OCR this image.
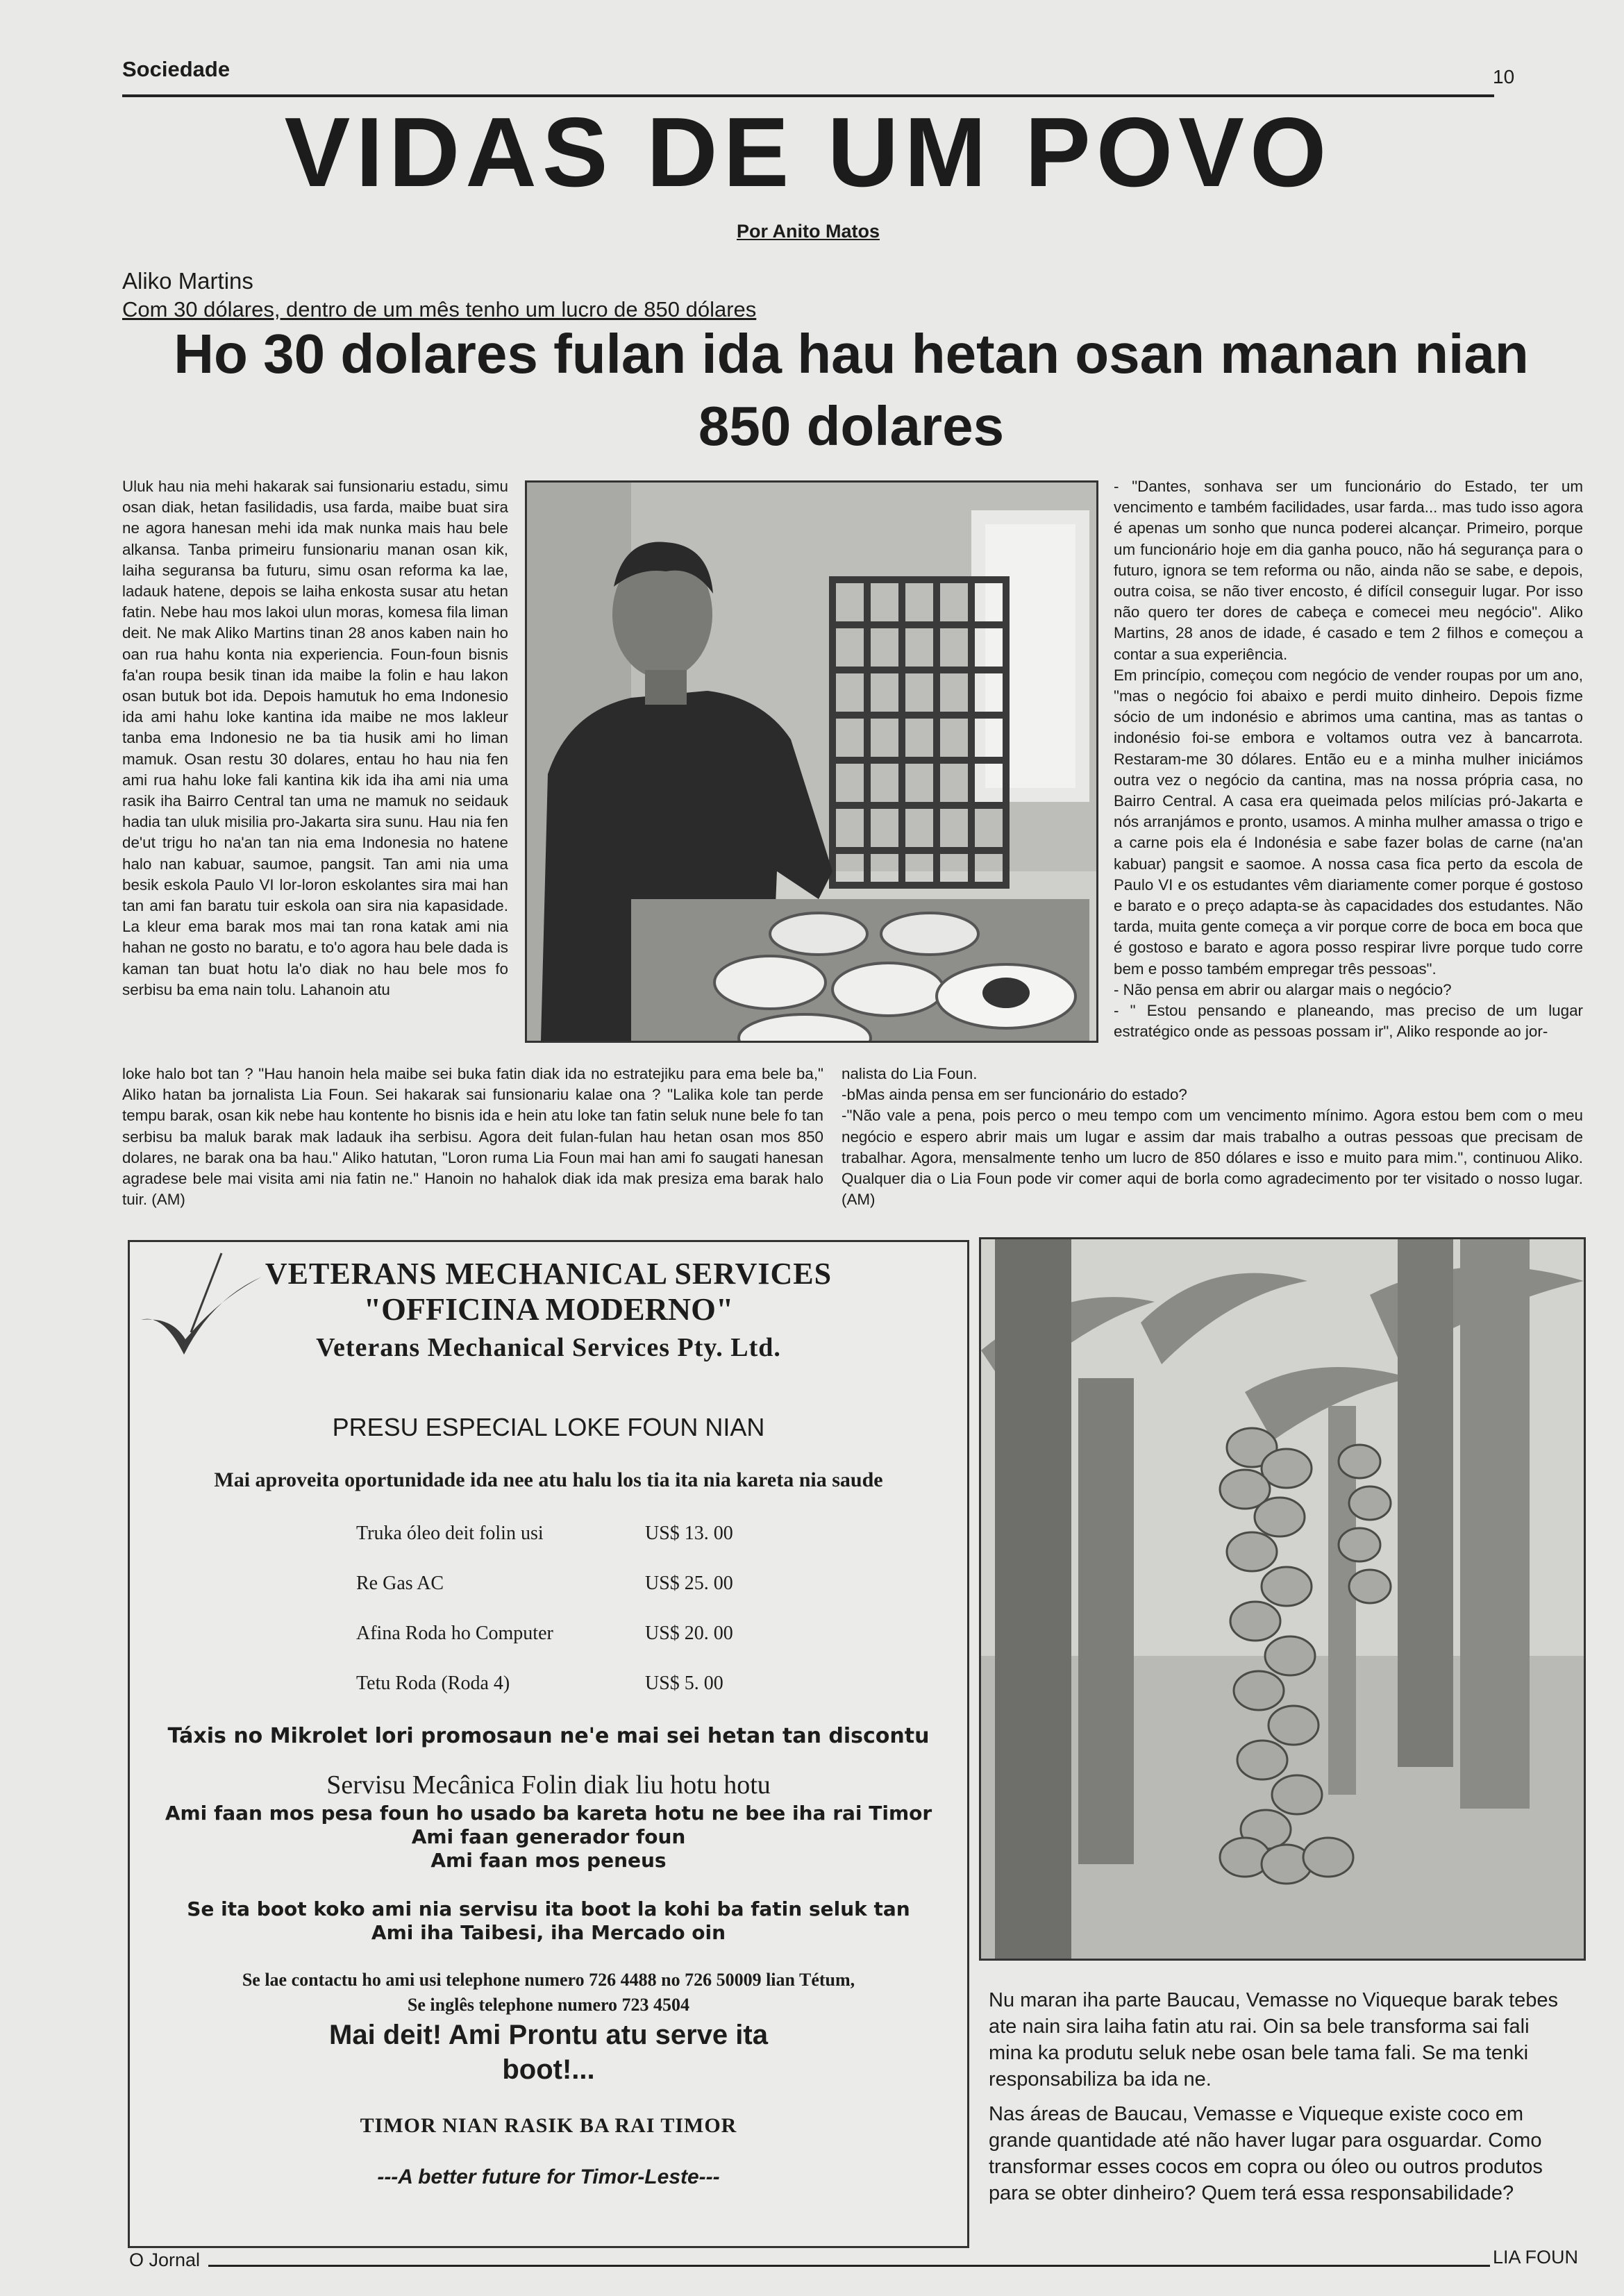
Sociedade	10
VIDAS DE UM POVO
Por Anito Matos
Aliko Martins
Com 30 dólares, dentro de um mês tenho um lucro de 850 dólares
Ho 30 dolares fulan ida hau hetan osan manan nian 850 dolares
Uluk hau nia mehi hakarak sai funsionariu estadu, simu osan diak, hetan fasilidadis, usa farda, maibe buat sira ne agora hanesan mehi ida mak nunka mais hau bele alkansa. Tanba primeiru funsionariu manan osan kik, laiha seguransa ba futuru, simu osan reforma ka lae, ladauk hatene, depois se laiha enkosta susar atu hetan fatin. Nebe hau mos lakoi ulun moras, komesa fila liman deit. Ne mak Aliko Martins tinan 28 anos kaben nain ho oan rua hahu konta nia experiencia. Foun-foun bisnis fa'an roupa besik tinan ida maibe la folin e hau lakon osan butuk bot ida. Depois hamutuk ho ema Indonesio ida ami hahu loke kantina ida maibe ne mos lakleur tanba ema Indonesio ne ba tia husik ami ho liman mamuk. Osan restu 30 dolares, entau ho hau nia fen ami rua hahu loke fali kantina kik ida iha ami nia uma rasik iha Bairro Central tan uma ne mamuk no seidauk hadia tan uluk misilia pro-Jakarta sira sunu. Hau nia fen de'ut trigu ho na'an tan nia ema Indonesia no hatene halo nan kabuar, saumoe, pangsit. Tan ami nia uma besik eskola Paulo VI lor-loron eskolantes sira mai han tan ami fan baratu tuir eskola oan sira nia kapasidade. La kleur ema barak mos mai tan rona katak ami nia hahan ne gosto no baratu, e to'o agora hau bele dada is kaman tan buat hotu la'o diak no hau bele mos fo serbisu ba ema nain tolu. Lahanoin atu
loke halo bot tan ? "Hau hanoin hela maibe sei buka fatin diak ida no estratejiku para ema bele ba," Aliko hatan ba jornalista Lia Foun. Sei hakarak sai funsionariu kalae ona ? "Lalika kole tan perde tempu barak, osan kik nebe hau kontente ho bisnis ida e hein atu loke tan fatin seluk nune bele fo tan serbisu ba maluk barak mak ladauk iha serbisu. Agora deit fulan-fulan hau hetan osan mos 850 dolares, ne barak ona ba hau." Aliko hatutan, "Loron ruma Lia Foun mai han ami fo saugati hanesan agradese bele mai visita ami nia fatin ne." Hanoin no hahalok diak ida mak presiza ema barak halo tuir. (AM)
- "Dantes, sonhava ser um funcionário do Estado, ter um vencimento e também facilidades, usar farda... mas tudo isso agora é apenas um sonho que nunca poderei alcançar. Primeiro, porque um funcionário hoje em dia ganha pouco, não há segurança para o futuro, ignora se tem reforma ou não, ainda não se sabe, e depois, outra coisa, se não tiver encosto, é difícil conseguir lugar. Por isso não quero ter dores de cabeça e comecei meu negócio". Aliko Martins, 28 anos de idade, é casado e tem 2 filhos e começou a contar a sua experiência.
Em princípio, começou com negócio de vender roupas por um ano, "mas o negócio foi abaixo e perdi muito dinheiro. Depois fizme sócio de um indonésio e abrimos uma cantina, mas as tantas o indonésio foi-se embora e voltamos outra vez à bancarrota. Restaram-me 30 dólares. Então eu e a minha mulher iniciámos outra vez o negócio da cantina, mas na nossa própria casa, no Bairro Central. A casa era queimada pelos milícias pró-Jakarta e nós arranjámos e pronto, usamos. A minha mulher amassa o trigo e a carne pois ela é Indonésia e sabe fazer bolas de carne (na'an kabuar) pangsit e saomoe. A nossa casa fica perto da escola de Paulo VI e os estudantes vêm diariamente comer porque é gostoso e barato e o preço adapta-se às capacidades dos estudantes. Não tarda, muita gente começa a vir porque corre de boca em boca que é gostoso e barato e agora posso respirar livre porque tudo corre bem e posso também empregar três pessoas".
- Não pensa em abrir ou alargar mais o negócio?
- " Estou pensando e planeando, mas preciso de um lugar estratégico onde as pessoas possam ir", Aliko responde ao jor-
nalista do Lia Foun.
-bMas ainda pensa em ser funcionário do estado?
-"Não vale a pena, pois perco o meu tempo com um vencimento mínimo. Agora estou bem com o meu negócio e espero abrir mais um lugar e assim dar mais trabalho a outras pessoas que precisam de trabalhar. Agora, mensalmente tenho um lucro de 850 dólares e isso e muito para mim.", continuou Aliko. Qualquer dia o Lia Foun pode vir comer aqui de borla como agradecimento por ter visitado o nosso lugar. (AM)
VETERANS MECHANICAL SERVICES
"OFFICINA MODERNO"
Veterans Mechanical Services Pty. Ltd.
PRESU ESPECIAL LOKE FOUN NIAN
Mai aproveita oportunidade ida nee atu halu los tia ita nia kareta nia saude
Truka óleo deit folin usi	US$ 13. 00
Re Gas AC	US$ 25. 00
Afina Roda ho Computer	US$ 20. 00
Tetu Roda (Roda 4)	US$ 5. 00
Táxis no Mikrolet lori promosaun ne'e mai sei hetan tan discontu
Servisu Mecânica Folin diak liu hotu hotu
Ami faan mos pesa foun ho usado ba kareta hotu ne bee iha rai Timor
Ami faan generador foun
Ami faan mos peneus
Se ita boot koko ami nia servisu ita boot la kohi ba fatin seluk tan
Ami iha Taibesi, iha Mercado oin
Se lae contactu ho ami usi telephone numero 726 4488 no 726 50009 lian Tétum,
Se inglês telephone numero 723 4504
Mai deit! Ami Prontu atu serve ita
boot!...
TIMOR NIAN RASIK BA RAI TIMOR
---A better future for Timor-Leste---
Nu maran iha parte Baucau, Vemasse no Viqueque barak tebes ate nain sira laiha fatin atu rai. Oin sa bele transforma sai fali mina ka produtu seluk nebe osan bele tama fali. Se ma tenki responsabiliza ba ida ne.
Nas áreas de Baucau, Vemasse e Viqueque existe coco em grande quantidade até não haver lugar para osguardar. Como transformar esses cocos em copra ou óleo ou outros produtos para se obter dinheiro? Quem terá essa responsabilidade?
O Jornal	LIA FOUN
